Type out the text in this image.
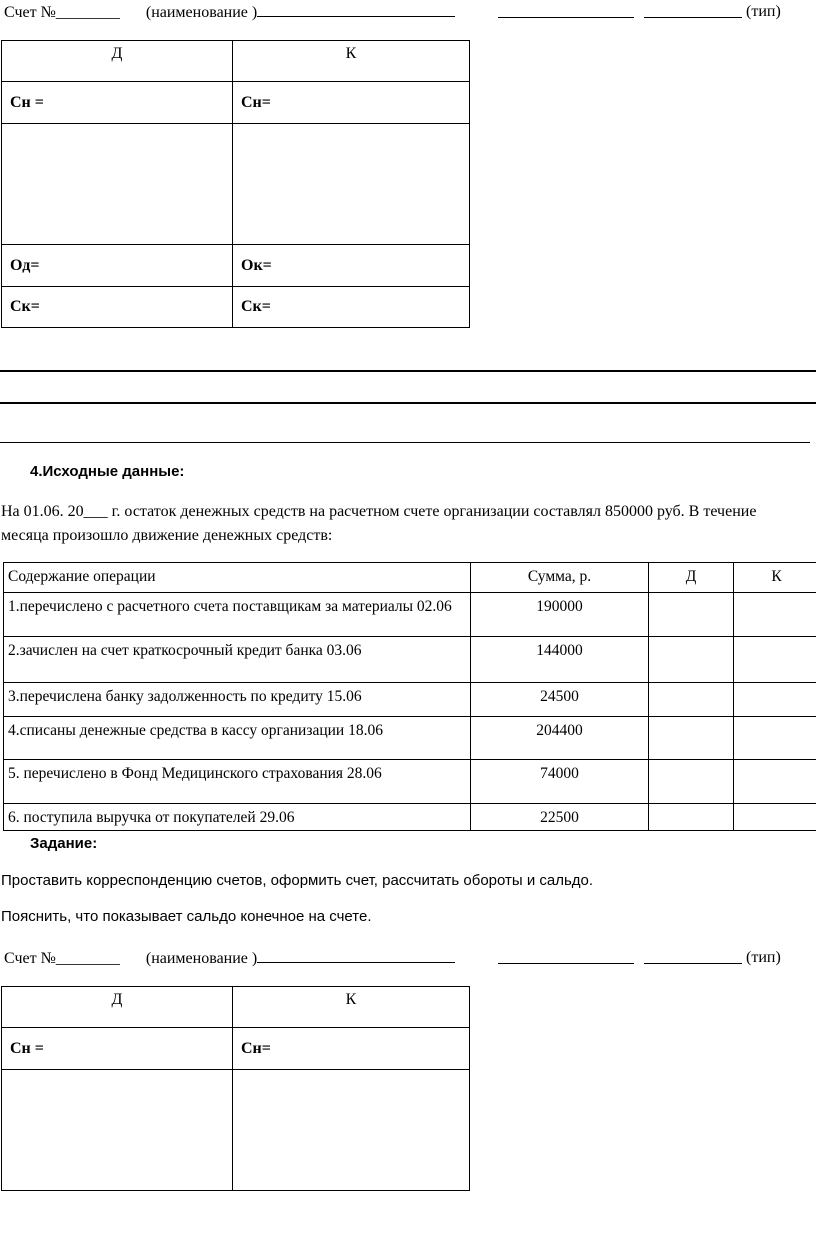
Счет №________ (наименование )	(тип)
Д	К
Сн =	Сн=

Од=	Ок=
Ск=	Ск=
4.Исходные данные:
На 01.06. 20___ г. остаток денежных средств на расчетном счете организации составлял 850000 руб. В течение
месяца произошло движение денежных средств:
Содержание операции	Сумма, р.	Д	К
1.перечислено с расчетного счета поставщикам за материалы 02.06	190000		
2.зачислен на счет краткосрочный кредит банка 03.06	144000		
3.перечислена банку задолженность по кредиту 15.06	24500		
4.списаны денежные средства в кассу организации 18.06	204400		
5. перечислено в Фонд Медицинского страхования 28.06	74000		
6. поступила выручка от покупателей 29.06	22500		
Задание:
Проставить корреспонденцию счетов, оформить счет, рассчитать обороты и сальдо.
Пояснить, что показывает сальдо конечное на счете.
Счет №________ (наименование )	(тип)
Д	К
Сн =	Сн=
